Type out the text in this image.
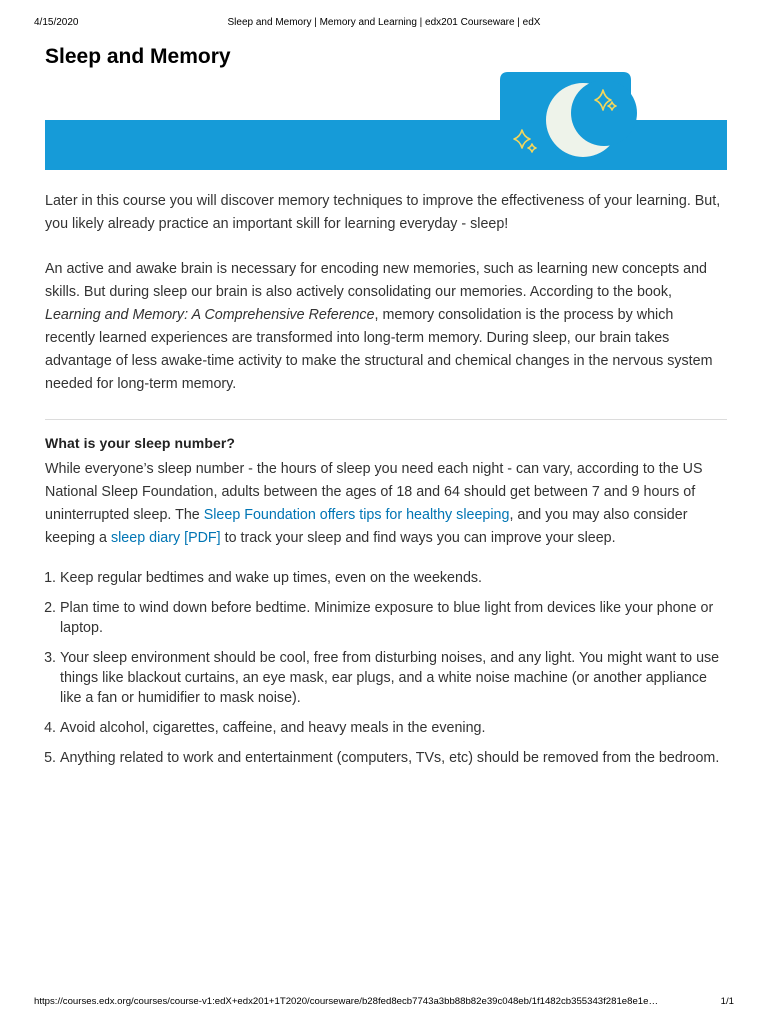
4/15/2020	Sleep and Memory | Memory and Learning | edx201 Courseware | edX
Sleep and Memory

Later in this course you will discover memory techniques to improve the effectiveness of your learning. But, you likely already practice an important skill for learning everyday - sleep!

An active and awake brain is necessary for encoding new memories, such as learning new concepts and skills. But during sleep our brain is also actively consolidating our memories. According to the book, Learning and Memory: A Comprehensive Reference, memory consolidation is the process by which recently learned experiences are transformed into long-term memory. During sleep, our brain takes advantage of less awake-time activity to make the structural and chemical changes in the nervous system needed for long-term memory.

What is your sleep number?

While everyone’s sleep number - the hours of sleep you need each night - can vary, according to the US National Sleep Foundation, adults between the ages of 18 and 64 should get between 7 and 9 hours of uninterrupted sleep. The Sleep Foundation offers tips for healthy sleeping, and you may also consider keeping a sleep diary [PDF] to track your sleep and find ways you can improve your sleep.

1. Keep regular bedtimes and wake up times, even on the weekends.
2. Plan time to wind down before bedtime. Minimize exposure to blue light from devices like your phone or laptop.
3. Your sleep environment should be cool, free from disturbing noises, and any light. You might want to use things like blackout curtains, an eye mask, ear plugs, and a white noise machine (or another appliance like a fan or humidifier to mask noise).
4. Avoid alcohol, cigarettes, caffeine, and heavy meals in the evening.
5. Anything related to work and entertainment (computers, TVs, etc) should be removed from the bedroom.
https://courses.edx.org/courses/course-v1:edX+edx201+1T2020/courseware/b28fed8ecb7743a3bb88b82e39c048eb/1f1482cb355343f281e8e1e…	1/1
